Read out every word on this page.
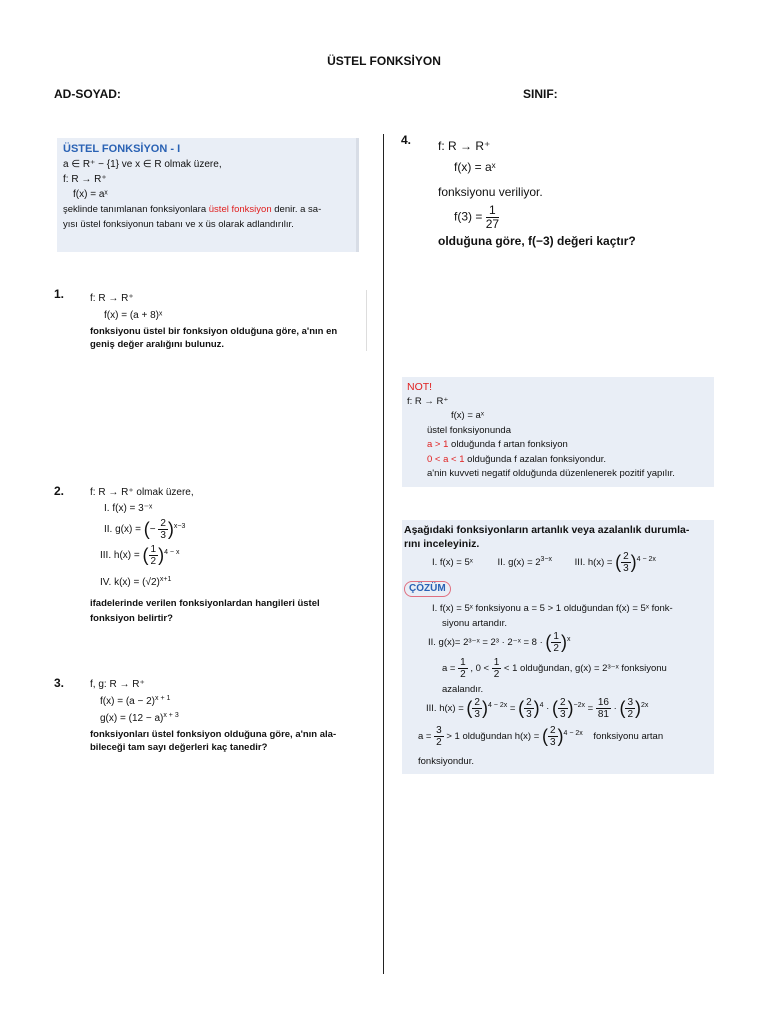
ÜSTEL FONKSİYON
AD-SOYAD:	SINIF:
ÜSTEL FONKSİYON - I
a ∈ R⁺ − {1} ve x ∈ R olmak üzere,
f: R → R⁺
f(x) = aˣ
şeklinde tanımlanan fonksiyonlara üstel fonksiyon denir. a sa-
yısı üstel fonksiyonun tabanı ve x üs olarak adlandırılır.
1.	f: R → R⁺
f(x) = (a + 8)ˣ
fonksiyonu üstel bir fonksiyon olduğuna göre, a'nın en
geniş değer aralığını bulunuz.
2.	f: R → R⁺ olmak üzere,
I. f(x) = 3⁻ˣ
II. g(x) = (− $\frac{2}{3} )^{x-3}$
III. h(x) = ( $\frac{1}{2} )^{4 - x}$
IV. $k(x) = (√2)^{x+1}$
ifadelerinde verilen fonksiyonlardan hangileri üstel
fonksiyon belirtir?
3.	f, g: R → R⁺
$f(x) = (a - 2)^{x + 1}$
$g(x) = (12 - a)^{x + 3}$
fonksiyonları üstel fonksiyon olduğuna göre, a'nın ala-
bileceği tam sayı değerleri kaç tanedir?
4. f: R → R⁺
f(x) = aˣ
fonksiyonu veriliyor.
$f(3) = \frac{1}{27}$
olduğuna göre, f(−3) değeri kaçtır?
NOT!
f: R → R⁺
f(x) = aˣ
üstel fonksiyonunda
a > 1 olduğunda f artan fonksiyon
0 < a < 1 olduğunda f azalan fonksiyondur.
a'nin kuvveti negatif olduğunda düzenlenerek pozitif yapılır.
Aşağıdaki fonksiyonların artanlık veya azalanlık durumla-
rını inceleyiniz.
I. f(x) = 5ˣ	II. $g(x) = 2^{3-x}$ III. h(x) = ( $\frac{2}{3} )^{4 - 2x}$
ÇÖZÜM
I. f(x) = 5ˣ fonksiyonu a = 5 > 1 olduğundan f(x) = 5ˣ fonk-
siyonu artandır.
II. g(x)= 2³⁻ˣ = 2³ · 2⁻ˣ = 8 · ( $\frac{1}{2} )^x$
$a = \frac{1}{2}$ , $0 < \frac{1}{2} < 1$ olduğundan, g(x) = 2³⁻ˣ fonksiyonu
azalandır.
III. h(x) = ( $\frac{2}{3} )^{4 - 2x}$ = ( $\frac{2}{3} )^4$ · ( $\frac{2}{3} )^{-2x} = \frac{16}{81}$ · ( $\frac{3}{2} )^{2x}$
$a = \frac{3}{2} > 1$ olduğundan h(x) = ( $\frac{2}{3} )^{4 - 2x}$ fonksiyonu artan
fonksiyondur.
